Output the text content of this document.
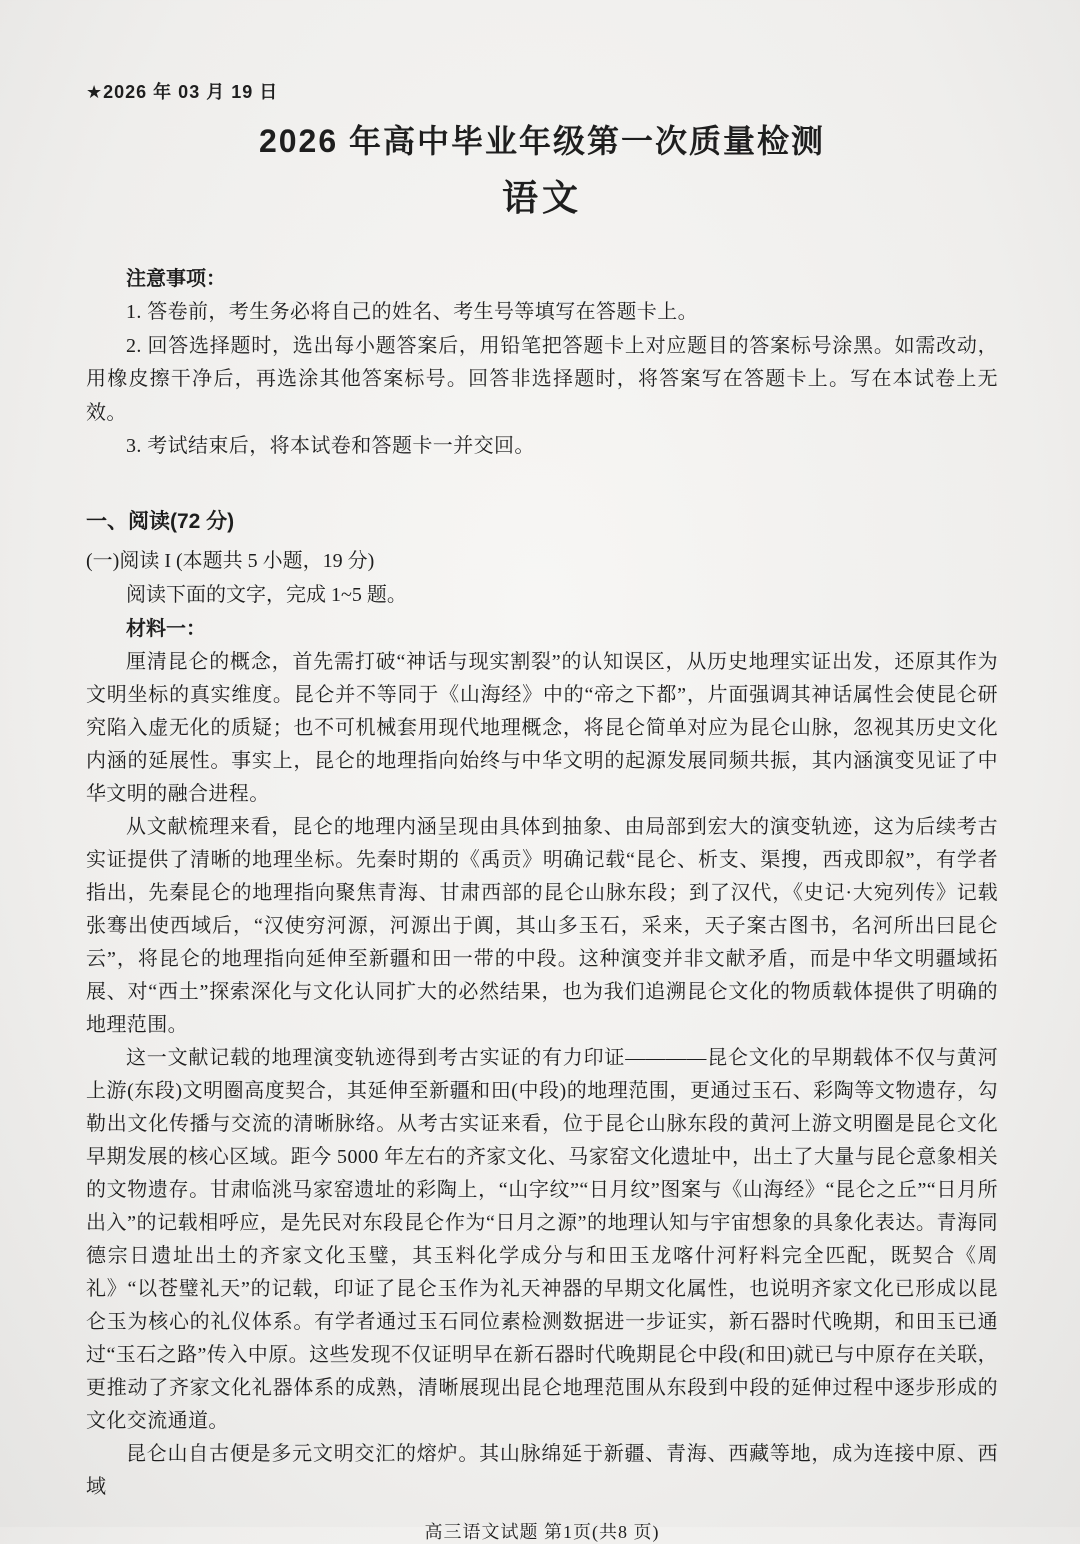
★2026 年 03 月 19 日
2026 年高中毕业年级第一次质量检测
语文
注意事项：

1. 答卷前，考生务必将自己的姓名、考生号等填写在答题卡上。

2. 回答选择题时，选出每小题答案后，用铅笔把答题卡上对应题目的答案标号涂黑。如需改动，用橡皮擦干净后，再选涂其他答案标号。回答非选择题时，将答案写在答题卡上。写在本试卷上无效。

3. 考试结束后，将本试卷和答题卡一并交回。

一、阅读(72 分)
(一)阅读 I (本题共 5 小题，19 分)

阅读下面的文字，完成 1~5 题。

材料一：

厘清昆仑的概念，首先需打破“神话与现实割裂”的认知误区，从历史地理实证出发，还原其作为文明坐标的真实维度。昆仑并不等同于《山海经》中的“帝之下都”，片面强调其神话属性会使昆仑研究陷入虚无化的质疑；也不可机械套用现代地理概念，将昆仑简单对应为昆仑山脉，忽视其历史文化内涵的延展性。事实上，昆仑的地理指向始终与中华文明的起源发展同频共振，其内涵演变见证了中华文明的融合进程。

从文献梳理来看，昆仑的地理内涵呈现由具体到抽象、由局部到宏大的演变轨迹，这为后续考古实证提供了清晰的地理坐标。先秦时期的《禹贡》明确记载“昆仑、析支、渠搜，西戎即叙”，有学者指出，先秦昆仑的地理指向聚焦青海、甘肃西部的昆仑山脉东段；到了汉代，《史记·大宛列传》记载张骞出使西域后，“汉使穷河源，河源出于阗，其山多玉石，采来，天子案古图书，名河所出曰昆仑云”，将昆仑的地理指向延伸至新疆和田一带的中段。这种演变并非文献矛盾，而是中华文明疆域拓展、对“西土”探索深化与文化认同扩大的必然结果，也为我们追溯昆仑文化的物质载体提供了明确的地理范围。

这一文献记载的地理演变轨迹得到考古实证的有力印证————昆仑文化的早期载体不仅与黄河上游(东段)文明圈高度契合，其延伸至新疆和田(中段)的地理范围，更通过玉石、彩陶等文物遗存，勾勒出文化传播与交流的清晰脉络。从考古实证来看，位于昆仑山脉东段的黄河上游文明圈是昆仑文化早期发展的核心区域。距今 5000 年左右的齐家文化、马家窑文化遗址中，出土了大量与昆仑意象相关的文物遗存。甘肃临洮马家窑遗址的彩陶上，“山字纹”“日月纹”图案与《山海经》“昆仑之丘”“日月所出入”的记载相呼应，是先民对东段昆仑作为“日月之源”的地理认知与宇宙想象的具象化表达。青海同德宗日遗址出土的齐家文化玉璧，其玉料化学成分与和田玉龙喀什河籽料完全匹配，既契合《周礼》“以苍璧礼天”的记载，印证了昆仑玉作为礼天神器的早期文化属性，也说明齐家文化已形成以昆仑玉为核心的礼仪体系。有学者通过玉石同位素检测数据进一步证实，新石器时代晚期，和田玉已通过“玉石之路”传入中原。这些发现不仅证明早在新石器时代晚期昆仑中段(和田)就已与中原存在关联，更推动了齐家文化礼器体系的成熟，清晰展现出昆仑地理范围从东段到中段的延伸过程中逐步形成的文化交流通道。

昆仑山自古便是多元文明交汇的熔炉。其山脉绵延于新疆、青海、西藏等地，成为连接中原、西域

高三语文试题 第1页(共8 页)
